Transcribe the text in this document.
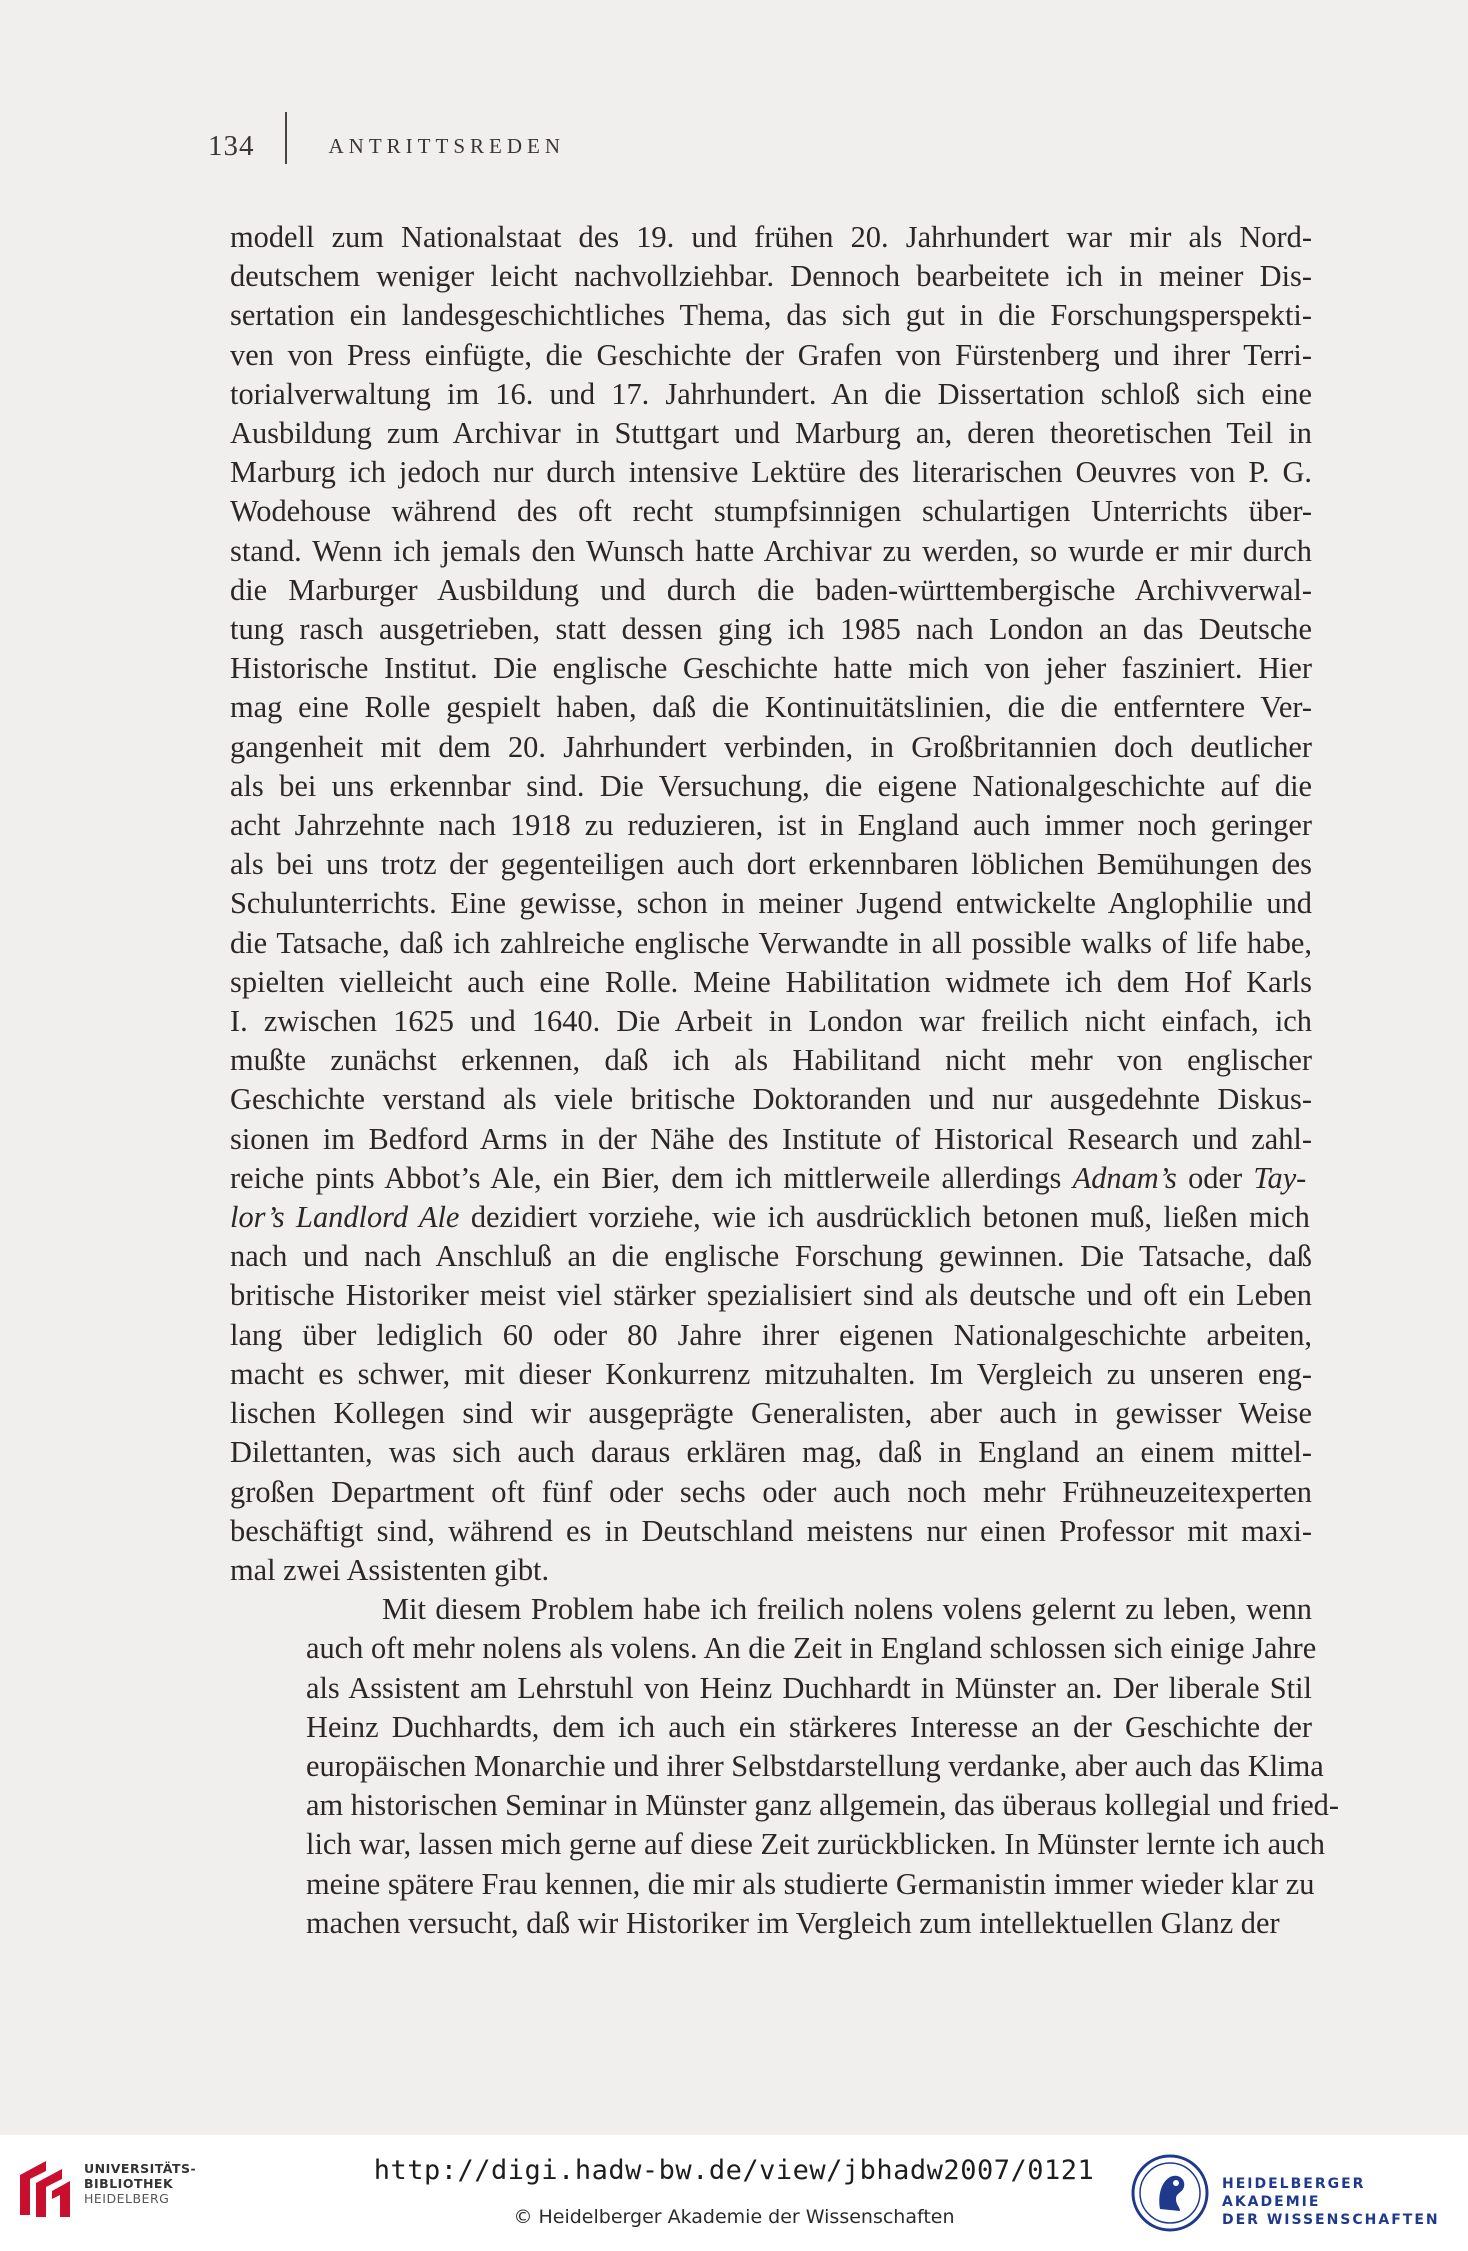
134	ANTRITTSREDEN

modell zum Nationalstaat des 19. und frühen 20. Jahrhundert war mir als Nord-
deutschem weniger leicht nachvollziehbar. Dennoch bearbeitete ich in meiner Dis-
sertation ein landesgeschichtliches Thema, das sich gut in die Forschungsperspekti-
ven von Press einfügte, die Geschichte der Grafen von Fürstenberg und ihrer Terri-
torialverwaltung im 16. und 17. Jahrhundert. An die Dissertation schloß sich eine
Ausbildung zum Archivar in Stuttgart und Marburg an, deren theoretischen Teil in
Marburg ich jedoch nur durch intensive Lektüre des literarischen Oeuvres von P. G.
Wodehouse während des oft recht stumpfsinnigen schulartigen Unterrichts über-
stand. Wenn ich jemals den Wunsch hatte Archivar zu werden, so wurde er mir durch
die Marburger Ausbildung und durch die baden-württembergische Archivverwal-
tung rasch ausgetrieben, statt dessen ging ich 1985 nach London an das Deutsche
Historische Institut. Die englische Geschichte hatte mich von jeher fasziniert. Hier
mag eine Rolle gespielt haben, daß die Kontinuitätslinien, die die entferntere Ver-
gangenheit mit dem 20. Jahrhundert verbinden, in Großbritannien doch deutlicher
als bei uns erkennbar sind. Die Versuchung, die eigene Nationalgeschichte auf die
acht Jahrzehnte nach 1918 zu reduzieren, ist in England auch immer noch geringer
als bei uns trotz der gegenteiligen auch dort erkennbaren löblichen Bemühungen des
Schulunterrichts. Eine gewisse, schon in meiner Jugend entwickelte Anglophilie und
die Tatsache, daß ich zahlreiche englische Verwandte in all possible walks of life habe,
spielten vielleicht auch eine Rolle. Meine Habilitation widmete ich dem Hof Karls
I. zwischen 1625 und 1640. Die Arbeit in London war freilich nicht einfach, ich
mußte zunächst erkennen, daß ich als Habilitand nicht mehr von englischer
Geschichte verstand als viele britische Doktoranden und nur ausgedehnte Diskus-
sionen im Bedford Arms in der Nähe des Institute of Historical Research und zahl-
reiche pints Abbot’s Ale, ein Bier, dem ich mittlerweile allerdings Adnam’s oder Tay-
lor’s Landlord Ale dezidiert vorziehe, wie ich ausdrücklich betonen muß, ließen mich
nach und nach Anschluß an die englische Forschung gewinnen. Die Tatsache, daß
britische Historiker meist viel stärker spezialisiert sind als deutsche und oft ein Leben
lang über lediglich 60 oder 80 Jahre ihrer eigenen Nationalgeschichte arbeiten,
macht es schwer, mit dieser Konkurrenz mitzuhalten. Im Vergleich zu unseren eng-
lischen Kollegen sind wir ausgeprägte Generalisten, aber auch in gewisser Weise
Dilettanten, was sich auch daraus erklären mag, daß in England an einem mittel-
großen Department oft fünf oder sechs oder auch noch mehr Frühneuzeitexperten
beschäftigt sind, während es in Deutschland meistens nur einen Professor mit maxi-
mal zwei Assistenten gibt.

Mit diesem Problem habe ich freilich nolens volens gelernt zu leben, wenn
auch oft mehr nolens als volens. An die Zeit in England schlossen sich einige Jahre
als Assistent am Lehrstuhl von Heinz Duchhardt in Münster an. Der liberale Stil
Heinz Duchhardts, dem ich auch ein stärkeres Interesse an der Geschichte der
europäischen Monarchie und ihrer Selbstdarstellung verdanke, aber auch das Klima
am historischen Seminar in Münster ganz allgemein, das überaus kollegial und fried-
lich war, lassen mich gerne auf diese Zeit zurückblicken. In Münster lernte ich auch
meine spätere Frau kennen, die mir als studierte Germanistin immer wieder klar zu
machen versucht, daß wir Historiker im Vergleich zum intellektuellen Glanz der

UNIVERSITÄTS-
BIBLIOTHEK
HEIDELBERG
http://digi.hadw-bw.de/view/jbhadw2007/0121
© Heidelberger Akademie der Wissenschaften
HEIDELBERGER AKADEMIE
DER WISSENSCHAFTEN
